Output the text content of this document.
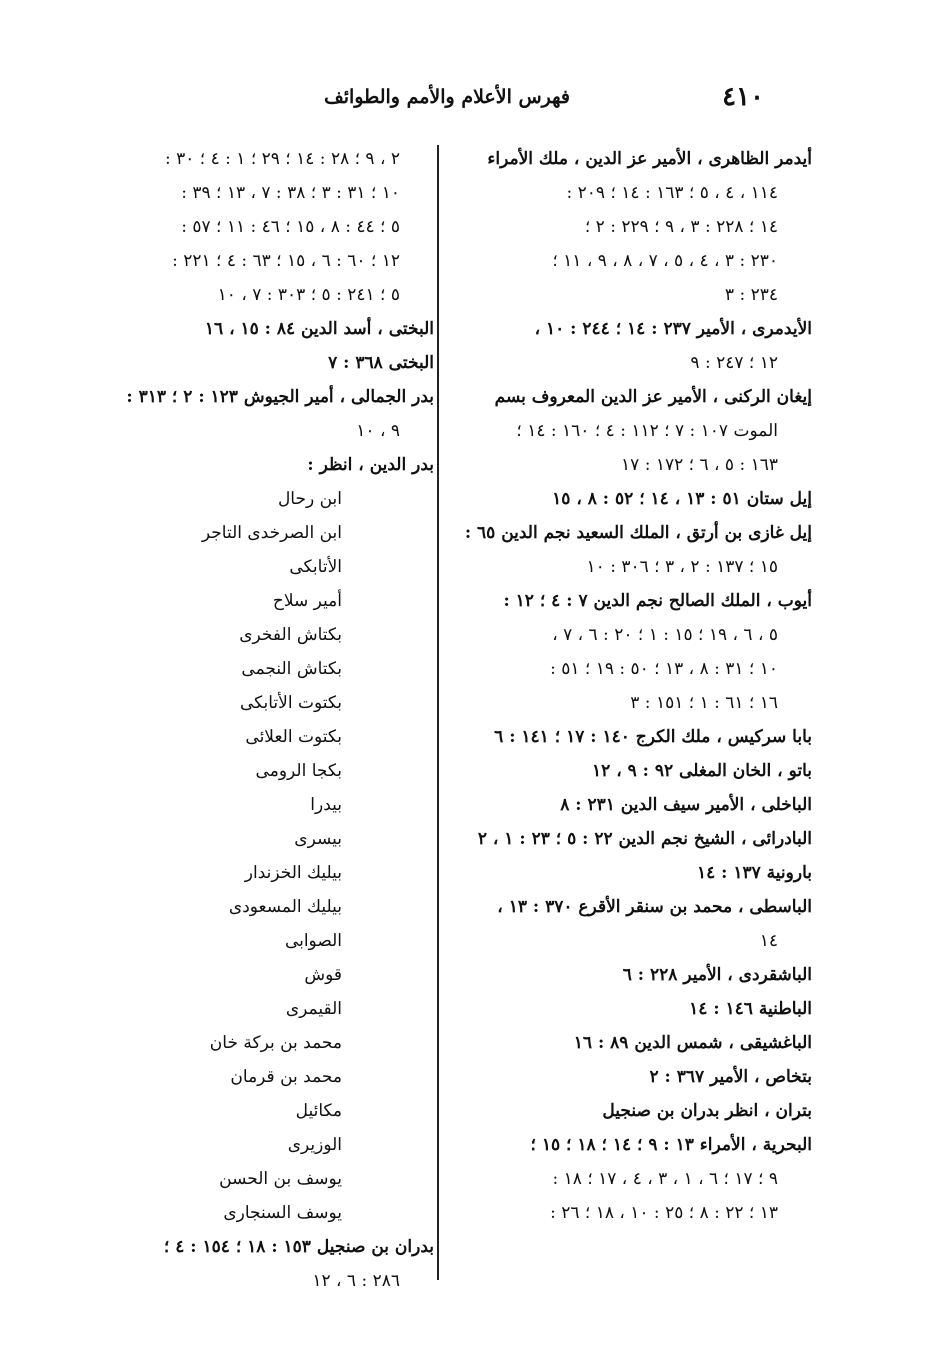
٤١٠
فهرس الأعلام والأمم والطوائف
أيدمر الظاهرى ، الأمير عز الدين ، ملك الأمراء
١١٤ ، ٤ ، ٥ ؛ ١٦٣ : ١٤ ؛ ٢٠٩ :
١٤ ؛ ٢٢٨ : ٣ ، ٩ ؛ ٢٢٩ : ٢ ؛
٢٣٠ : ٣ ، ٤ ، ٥ ، ٧ ، ٨ ، ٩ ، ١١ ؛
٢٣٤ : ٣
الأيدمرى ، الأمير ٢٣٧ : ١٤ ؛ ٢٤٤ : ١٠ ،
١٢ ؛ ٢٤٧ : ٩
إيغان الركنى ، الأمير عز الدين المعروف بسم
الموت ١٠٧ : ٧ ؛ ١١٢ : ٤ ؛ ١٦٠ : ١٤ ؛
١٦٣ : ٥ ، ٦ ؛ ١٧٢ : ١٧
إيل ستان ٥١ : ١٣ ، ١٤ ؛ ٥٢ : ٨ ، ١٥
إيل غازى بن أرتق ، الملك السعيد نجم الدين ٦٥ :
١٥ ؛ ١٣٧ : ٢ ، ٣ ؛ ٣٠٦ : ١٠
أيوب ، الملك الصالح نجم الدين ٧ : ٤ ؛ ١٢ :
٥ ، ٦ ، ١٩ ؛ ١٥ : ١ ؛ ٢٠ : ٦ ، ٧ ،
١٠ ؛ ٣١ : ٨ ، ١٣ ؛ ٥٠ : ١٩ ؛ ٥١ :
١٦ ؛ ٦١ : ١ ؛ ١٥١ : ٣
بابا سركيس ، ملك الكرج ١٤٠ : ١٧ ؛ ١٤١ : ٦
باتو ، الخان المغلى ٩٢ : ٩ ، ١٢
الباخلى ، الأمير سيف الدين ٢٣١ : ٨
البادرائى ، الشيخ نجم الدين ٢٢ : ٥ ؛ ٢٣ : ١ ، ٢
بارونية ١٣٧ : ١٤
الباسطى ، محمد بن سنقر الأقرع ٣٧٠ : ١٣ ،
١٤
الباشقردى ، الأمير ٢٢٨ : ٦
الباطنية ١٤٦ : ١٤
الباغشيقى ، شمس الدين ٨٩ : ١٦
بتخاص ، الأمير ٣٦٧ : ٢
بتران ، انظر بدران بن صنجيل
البحرية ، الأمراء ١٣ : ٩ ؛ ١٤ ؛ ١٨ ؛ ١٥ ؛
٩ ؛ ١٧ ؛ ٦ ، ١ ، ٣ ، ٤ ، ١٧ ؛ ١٨ :
١٣ ؛ ٢٢ : ٨ ؛ ٢٥ : ١٠ ، ١٨ ؛ ٢٦ :
٢ ، ٩ ؛ ٢٨ : ١٤ ؛ ٢٩ ؛ ١ : ٤ ؛ ٣٠ :
١٠ ؛ ٣١ : ٣ ؛ ٣٨ : ٧ ، ١٣ ؛ ٣٩ :
٥ ؛ ٤٤ : ٨ ، ١٥ ؛ ٤٦ : ١١ ؛ ٥٧ :
١٢ ؛ ٦٠ : ٦ ، ١٥ ؛ ٦٣ : ٤ ؛ ٢٢١ :
٥ ؛ ٢٤١ : ٥ ؛ ٣٠٣ : ٧ ، ١٠
البختى ، أسد الدين ٨٤ : ١٥ ، ١٦
البختى ٣٦٨ : ٧
بدر الجمالى ، أمير الجيوش ١٢٣ : ٢ ؛ ٣١٣ :
٩ ، ١٠
بدر الدين ، انظر :
ابن رحال
ابن الصرخدى التاجر
الأتابكى
أمير سلاح
بكتاش الفخرى
بكتاش النجمى
بكتوت الأتابكى
بكتوت العلائى
بكجا الرومى
بيدرا
بيسرى
بيليك الخزندار
بيليك المسعودى
الصوابى
قوش
القيمرى
محمد بن بركة خان
محمد بن قرمان
مكائيل
الوزيرى
يوسف بن الحسن
يوسف السنجارى
بدران بن صنجيل ١٥٣ : ١٨ ؛ ١٥٤ : ٤ ؛
٢٨٦ : ٦ ، ١٢
